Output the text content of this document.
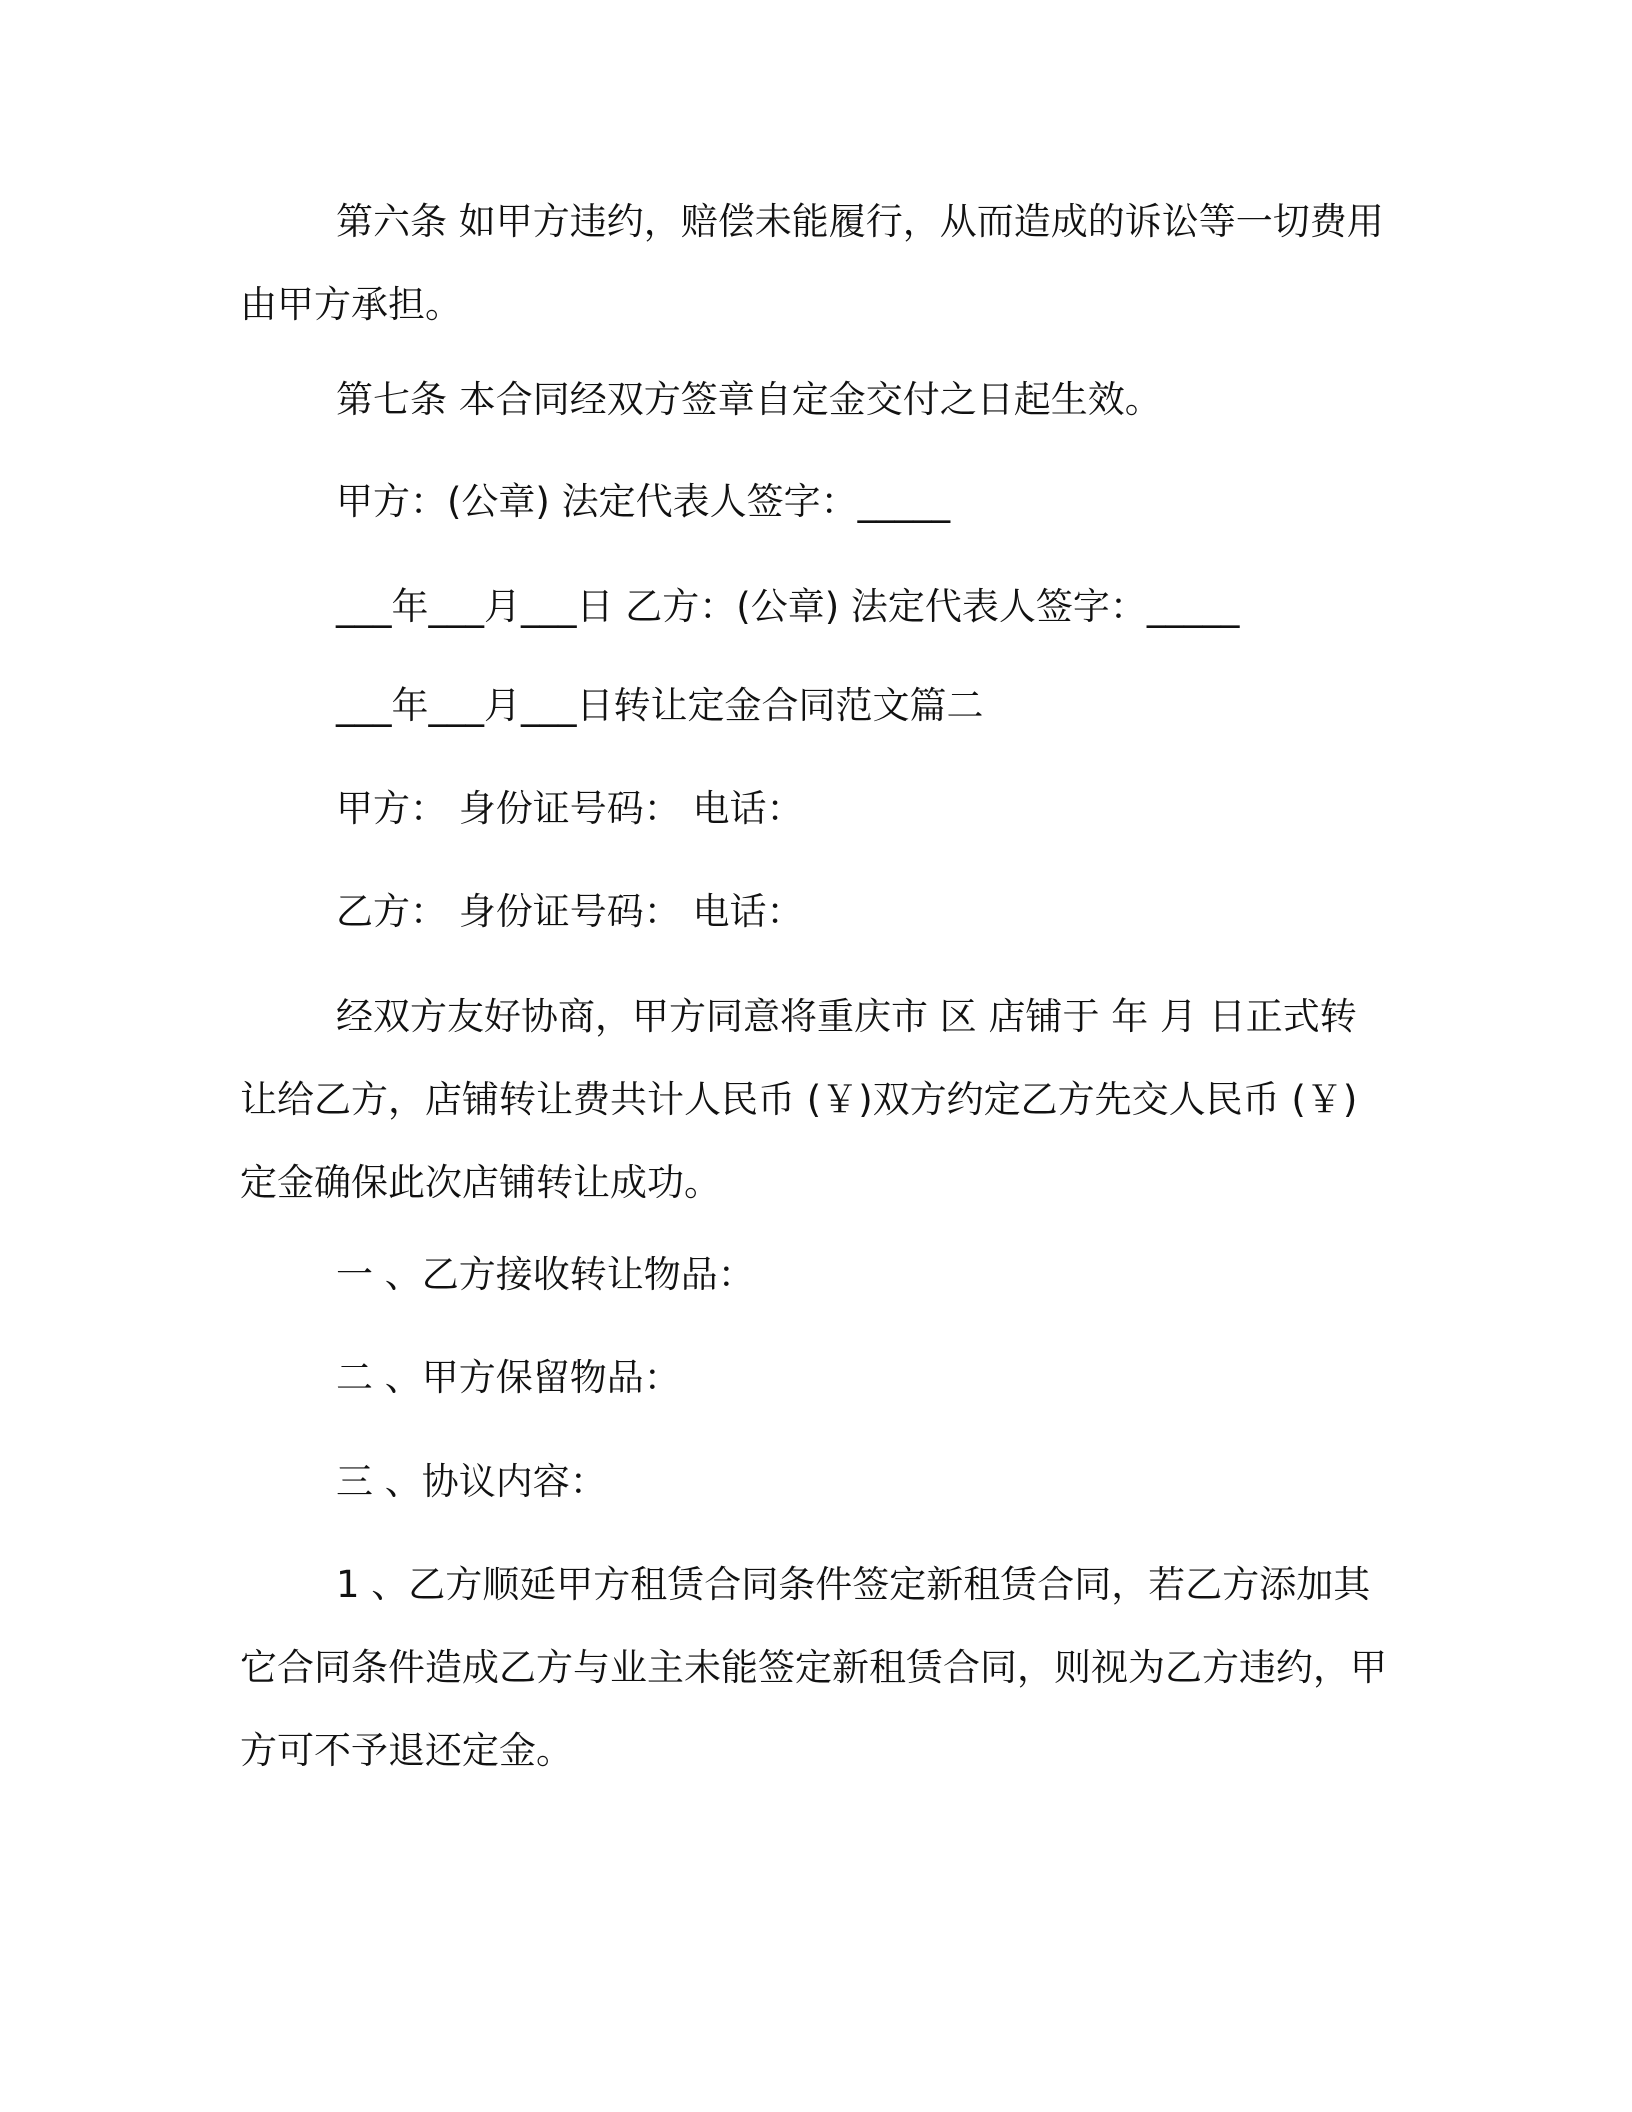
第六条 如甲方违约，赔偿未能履行，从而造成的诉讼等一切费用由甲方承担。

第七条 本合同经双方签章自定金交付之日起生效。

甲方：(公章) 法定代表人签字：_____

___年___月___日 乙方：(公章) 法定代表人签字：_____

___年___月___日转让定金合同范文篇二

甲方： 身份证号码： 电话：

乙方： 身份证号码： 电话：

经双方友好协商，甲方同意将重庆市 区 店铺于 年 月 日正式转让给乙方，店铺转让费共计人民币 (￥)双方约定乙方先交人民币 (￥)定金确保此次店铺转让成功。

一 、乙方接收转让物品：

二 、甲方保留物品：

三 、协议内容：

1 、乙方顺延甲方租赁合同条件签定新租赁合同，若乙方添加其它合同条件造成乙方与业主未能签定新租赁合同，则视为乙方违约，甲方可不予退还定金。
